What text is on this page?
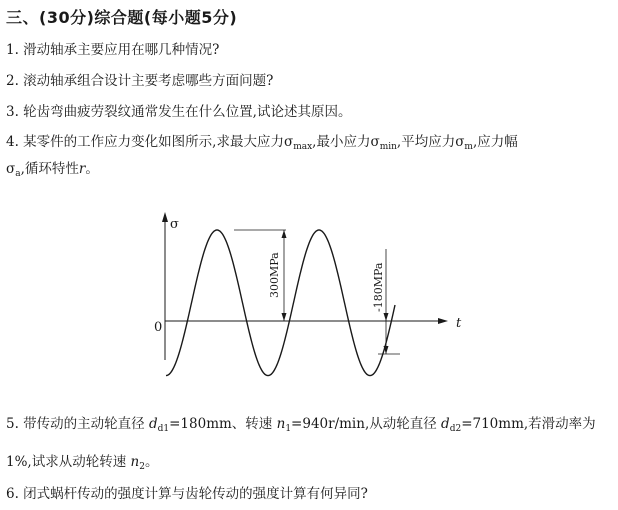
三、(30分)综合题(每小题5分)
1. 滑动轴承主要应用在哪几种情况?
2. 滚动轴承组合设计主要考虑哪些方面问题?
3. 轮齿弯曲疲劳裂纹通常发生在什么位置,试论述其原因。
4. 某零件的工作应力变化如图所示,求最大应力$\sigma_{max}$,最小应力$\sigma_{min}$,平均应力$\sigma_m$,应力幅
$\sigma_a$,循环特性r。
σ
t
0
300MPa	-180MPa
5. 带传动的主动轮直径 $d_{d1}=180mm$、转速 $n_1=940r/\min$,从动轮直径 $d_{d2}=710mm$,若滑动率为
1%,试求从动轮转速 $n_2$。
6. 闭式蜗杆传动的强度计算与齿轮传动的强度计算有何异同?
